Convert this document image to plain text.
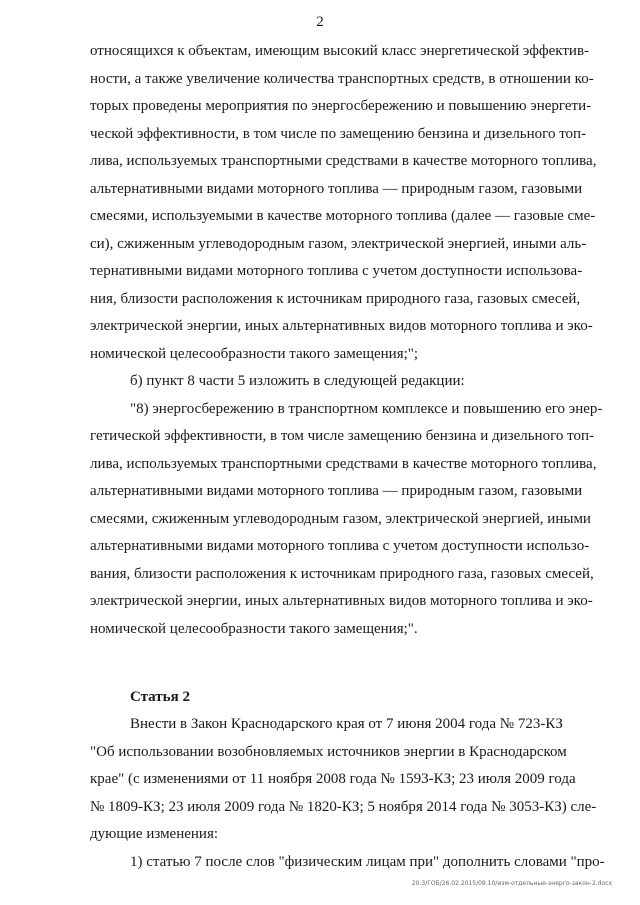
2
относящихся к объектам, имеющим высокий класс энергетической эффектив-
ности, а также увеличение количества транспортных средств, в отношении ко-
торых проведены мероприятия по энергосбережению и повышению энергети-
ческой эффективности, в том числе по замещению бензина и дизельного топ-
лива, используемых транспортными средствами в качестве моторного топлива,
альтернативными видами моторного топлива — природным газом, газовыми
смесями, используемыми в качестве моторного топлива (далее — газовые сме-
си), сжиженным углеводородным газом, электрической энергией, иными аль-
тернативными видами моторного топлива с учетом доступности использова-
ния, близости расположения к источникам природного газа, газовых смесей,
электрической энергии, иных альтернативных видов моторного топлива и эко-
номической целесообразности такого замещения;";
б) пункт 8 части 5 изложить в следующей редакции:
"8) энергосбережению в транспортном комплексе и повышению его энер-
гетической эффективности, в том числе замещению бензина и дизельного топ-
лива, используемых транспортными средствами в качестве моторного топлива,
альтернативными видами моторного топлива — природным газом, газовыми
смесями, сжиженным углеводородным газом, электрической энергией, иными
альтернативными видами моторного топлива с учетом доступности использо-
вания, близости расположения к источникам природного газа, газовых смесей,
электрической энергии, иных альтернативных видов моторного топлива и эко-
номической целесообразности такого замещения;".
Статья 2
Внести в Закон Краснодарского края от 7 июня 2004 года № 723-КЗ
"Об использовании возобновляемых источников энергии в Краснодарском
крае" (с изменениями от 11 ноября 2008 года № 1593-КЗ; 23 июля 2009 года
№ 1809-КЗ; 23 июля 2009 года № 1820-КЗ; 5 ноября 2014 года № 3053-КЗ) сле-
дующие изменения:
1) статью 7 после слов "физическим лицам при" дополнить словами "про-
20.3/ГОБ/26.02.2015/09.10/изм-отдельные-энерго-закон-2.docx
